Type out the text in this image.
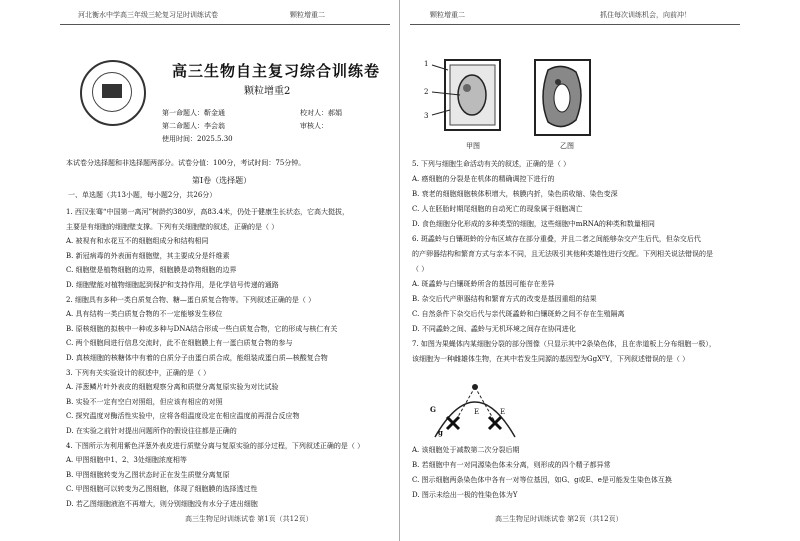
河北衡水中学高三年级三轮复习足时训练试卷	颗粒增重二
高三生物自主复习综合训练卷
颗粒增重2
第一命题人：靳金通	校对人：郝娟
第二命题人：李会翁	审核人：
使用时间：2025.5.30
本试卷分选择题和非选择题两部分。试卷分值：100分，考试时间：75分钟。
第Ⅰ卷（选择题）
一、单选题（共13小题，每小题2分，共26分）
1. 西汉张骞“中国第一离河”树龄约380岁，高83.4米，仍处于健康生长状态，它高大挺拔，
主要是有细胞的细胞壁支撑。下列有关细胞壁的叙述，正确的是（ ）
A. 被视有和水花互不的细胞组成分和结构相同
B. 新冠病毒的外表面有细胞壁，其主要成分是纤维素
C. 细胞壁是植物细胞的边界，细胞膜是动物细胞的边界
D. 细胞壁能对植物细胞起到保护和支持作用，是化学信号传递的通路
2. 细胞具有多种一类白质复合物、糖—蛋白质复合物等。下列叙述正确的是（ ）
A. 具有结构一类白质复合物的不一定能够发生移位
B. 原核细胞的拟核中一种或多种与DNA结合形成一些白质复合物，它的形成与核仁有关
C. 两个细胞间进行信息交流时，此不在细胞膜上有一蛋白质复合物的参与
D. 真核细胞的核糖体中有着的白质分子由蛋白质合成，能组装成蛋白质—核酸复合物
3. 下列有关实验设计的叙述中，正确的是（ ）
A. 洋葱鳞片叶外表皮的细胞观察分离和质壁分离复原实验为对比试验
B. 实验不一定有空白对照组，但应该有相应的对照
C. 探究温度对酶活性实验中，应将各组温度设定在相应温度前再混合反应物
D. 在实验之前针对提出问题所作的假设往往都是正确的
4. 下图所示为利用紫色洋葱外表皮进行质壁分离与复原实验的部分过程，下列叙述正确的是（ ）
A. 甲图细胞中1、2、3处细胞浓度相等
B. 甲图细胞转变为乙图状态时正在发生质壁分离复原
C. 甲图细胞可以转变为乙图细胞，体现了细胞膜的选择透过性
D. 若乙图细胞液泡不再增大，则分别细胞没有水分子进出细胞
高三生物足时训练试卷 第1页（共12页）
颗粒增重二	抓住每次训练机会，向前冲！
1
2
3
甲图	乙图
5. 下列与细胞生命活动有关的叙述，正确的是（ ）
A. 癌细胞的分裂是在机体的精确调控下进行的
B. 衰老的细胞细胞核体积增大，核膜内折，染色质收缩、染色变深
C. 人在胚胎时期尾细胞的自动死亡的现象属于细胞凋亡
D. 食色细胞分化形成的多种类型的细胞，这些细胞中mRNA的种类和数量相同
6. 斑蟊蛉与白镶斑蛉的分布区域存在部分重叠，并且二者之间能够杂交产生后代，但杂交后代
的产卵器结构和繁育方式与亲本不同，且无法吸引其他种类雄性进行交配。下列相关说法错误的是
（ ）
A. 斑蟊蛉与白镶斑蛉所含的基因可能存在差异
B. 杂交后代产卵器结构和繁育方式的改变是基因重组的结果
C. 自然条件下杂交后代与亲代斑蟊蛉和白镶斑蛉之间不存在生殖隔离
D. 不同蟊蛉之间、蟊蛉与无机环境之间存在协同进化
7. 如图为果蝇体内某细胞分裂的部分图像（只显示其中2条染色体，且在赤道板上分布细胞一极），
该细胞为一种雌雄体生物，在其中若发生同源的基因型为GgXᴱY，下列叙述错误的是（ ）
A. 该细胞处于减数第二次分裂后期
B. 若细胞中有一对同源染色体未分离，则形成的四个精子都异常
C. 图示细胞两条染色体中各有一对等位基因，如G、g或E、e是可能发生染色体互换
D. 图示未绘出一极的性染色体为Y
G
g
E	E
高三生物足时训练试卷 第2页（共12页）
